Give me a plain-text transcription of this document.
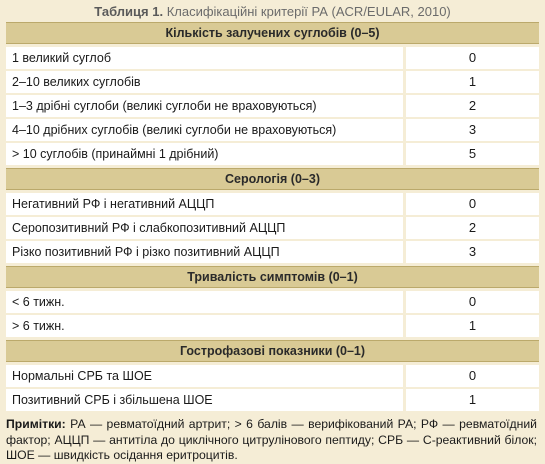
Таблиця 1. Класифікаційні критерії РА (ACR/EULAR, 2010)
Кількість залучених суглобів (0–5)
1 великий суглоб	0
2–10 великих суглобів	1
1–3 дрібні суглоби (великі суглоби не враховуються)	2
4–10 дрібних суглобів (великі суглоби не враховуються)	3
> 10 суглобів (принаймні 1 дрібний)	5
Серологія (0–3)
Негативний РФ і негативний АЦЦП	0
Серопозитивний РФ і слабкопозитивний АЦЦП	2
Різко позитивний РФ і різко позитивний АЦЦП	3
Тривалість симптомів (0–1)
< 6 тижн.	0
> 6 тижн.	1
Гострофазові показники (0–1)
Нормальні СРБ та ШОЕ	0
Позитивний СРБ і збільшена ШОЕ	1
Примітки: РА — ревматоїдний артрит; > 6 балів — верифікований РА; РФ — ревматоїдний фактор; АЦЦП — антитіла до циклічного цитрулінового пептиду; СРБ — С-реактивний білок; ШОЕ — швидкість осідання еритроцитів.
